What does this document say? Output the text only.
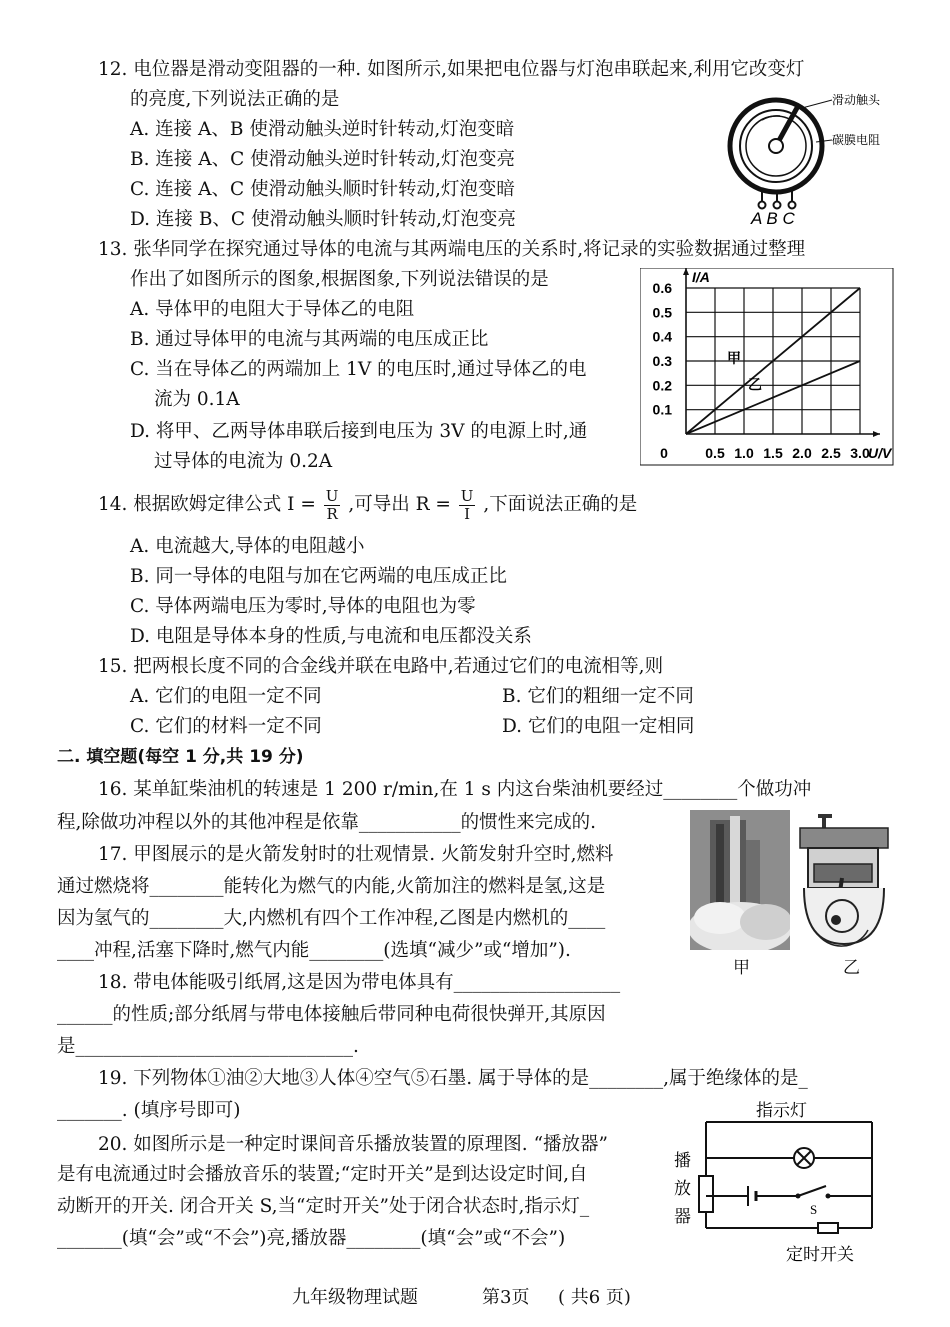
12. 电位器是滑动变阻器的一种. 如图所示,如果把电位器与灯泡串联起来,利用它改变灯
的亮度,下列说法正确的是
A. 连接 A、B 使滑动触头逆时针转动,灯泡变暗
B. 连接 A、C 使滑动触头逆时针转动,灯泡变亮
C. 连接 A、C 使滑动触头顺时针转动,灯泡变暗
D. 连接 B、C 使滑动触头顺时针转动,灯泡变亮	A B C
滑动触头
碳膜电阻
13. 张华同学在探究通过导体的电流与其两端电压的关系时,将记录的实验数据通过整理
作出了如图所示的图象,根据图象,下列说法错误的是
A. 导体甲的电阻大于导体乙的电阻
B. 通过导体甲的电流与其两端的电压成正比
C. 当在导体乙的两端加上 1V 的电压时,通过导体乙的电
流为 0.1A
D. 将甲、乙两导体串联后接到电压为 3V 的电源上时,通
过导体的电流为 0.2A
甲
乙
0.5 1.0 1.5 2.0 2.5 3.0
0.1
0.2
0.3
0.4
0.5
0.6
0	U/V
I/A
14. 根据欧姆定律公式 $I = \frac{U}{R}$ ,可导出 $R = \frac{U}{I}$ ,下面说法正确的是
A. 电流越大,导体的电阻越小
B. 同一导体的电阻与加在它两端的电压成正比
C. 导体两端电压为零时,导体的电阻也为零
D. 电阻是导体本身的性质,与电流和电压都没关系
15. 把两根长度不同的合金线并联在电路中,若通过它们的电流相等,则
A. 它们的电阻一定不同	B. 它们的粗细一定不同
C. 它们的材料一定不同	D. 它们的电阻一定相同
二. 填空题(每空 1 分,共 19 分)
16. 某单缸柴油机的转速是 1 200 r/min,在 1 s 内这台柴油机要经过________个做功冲
程,除做功冲程以外的其他冲程是依靠___________的惯性来完成的.
17. 甲图展示的是火箭发射时的壮观情景. 火箭发射升空时,燃料
通过燃烧将________能转化为燃气的内能,火箭加注的燃料是氢,这是
因为氢气的________大,内燃机有四个工作冲程,乙图是内燃机的____
____冲程,活塞下降时,燃气内能________(选填“减少”或“增加”).
甲	乙
18. 带电体能吸引纸屑,这是因为带电体具有__________________
______的性质;部分纸屑与带电体接触后带同种电荷很快弹开,其原因
是______________________________.
19. 下列物体①油②大地③人体④空气⑤石墨. 属于导体的是________,属于绝缘体的是_
_______. (填序号即可)
20. 如图所示是一种定时课间音乐播放装置的原理图. “播放器”
是有电流通过时会播放音乐的装置;“定时开关”是到达设定时间,自
动断开的开关. 闭合开关 S,当“定时开关”处于闭合状态时,指示灯_
_______(填“会”或“不会”)亮,播放器________(填“会”或“不会”)
指示灯
播
放
器	S
定时开关
九年级物理试题	第3页 ( 共6 页)
